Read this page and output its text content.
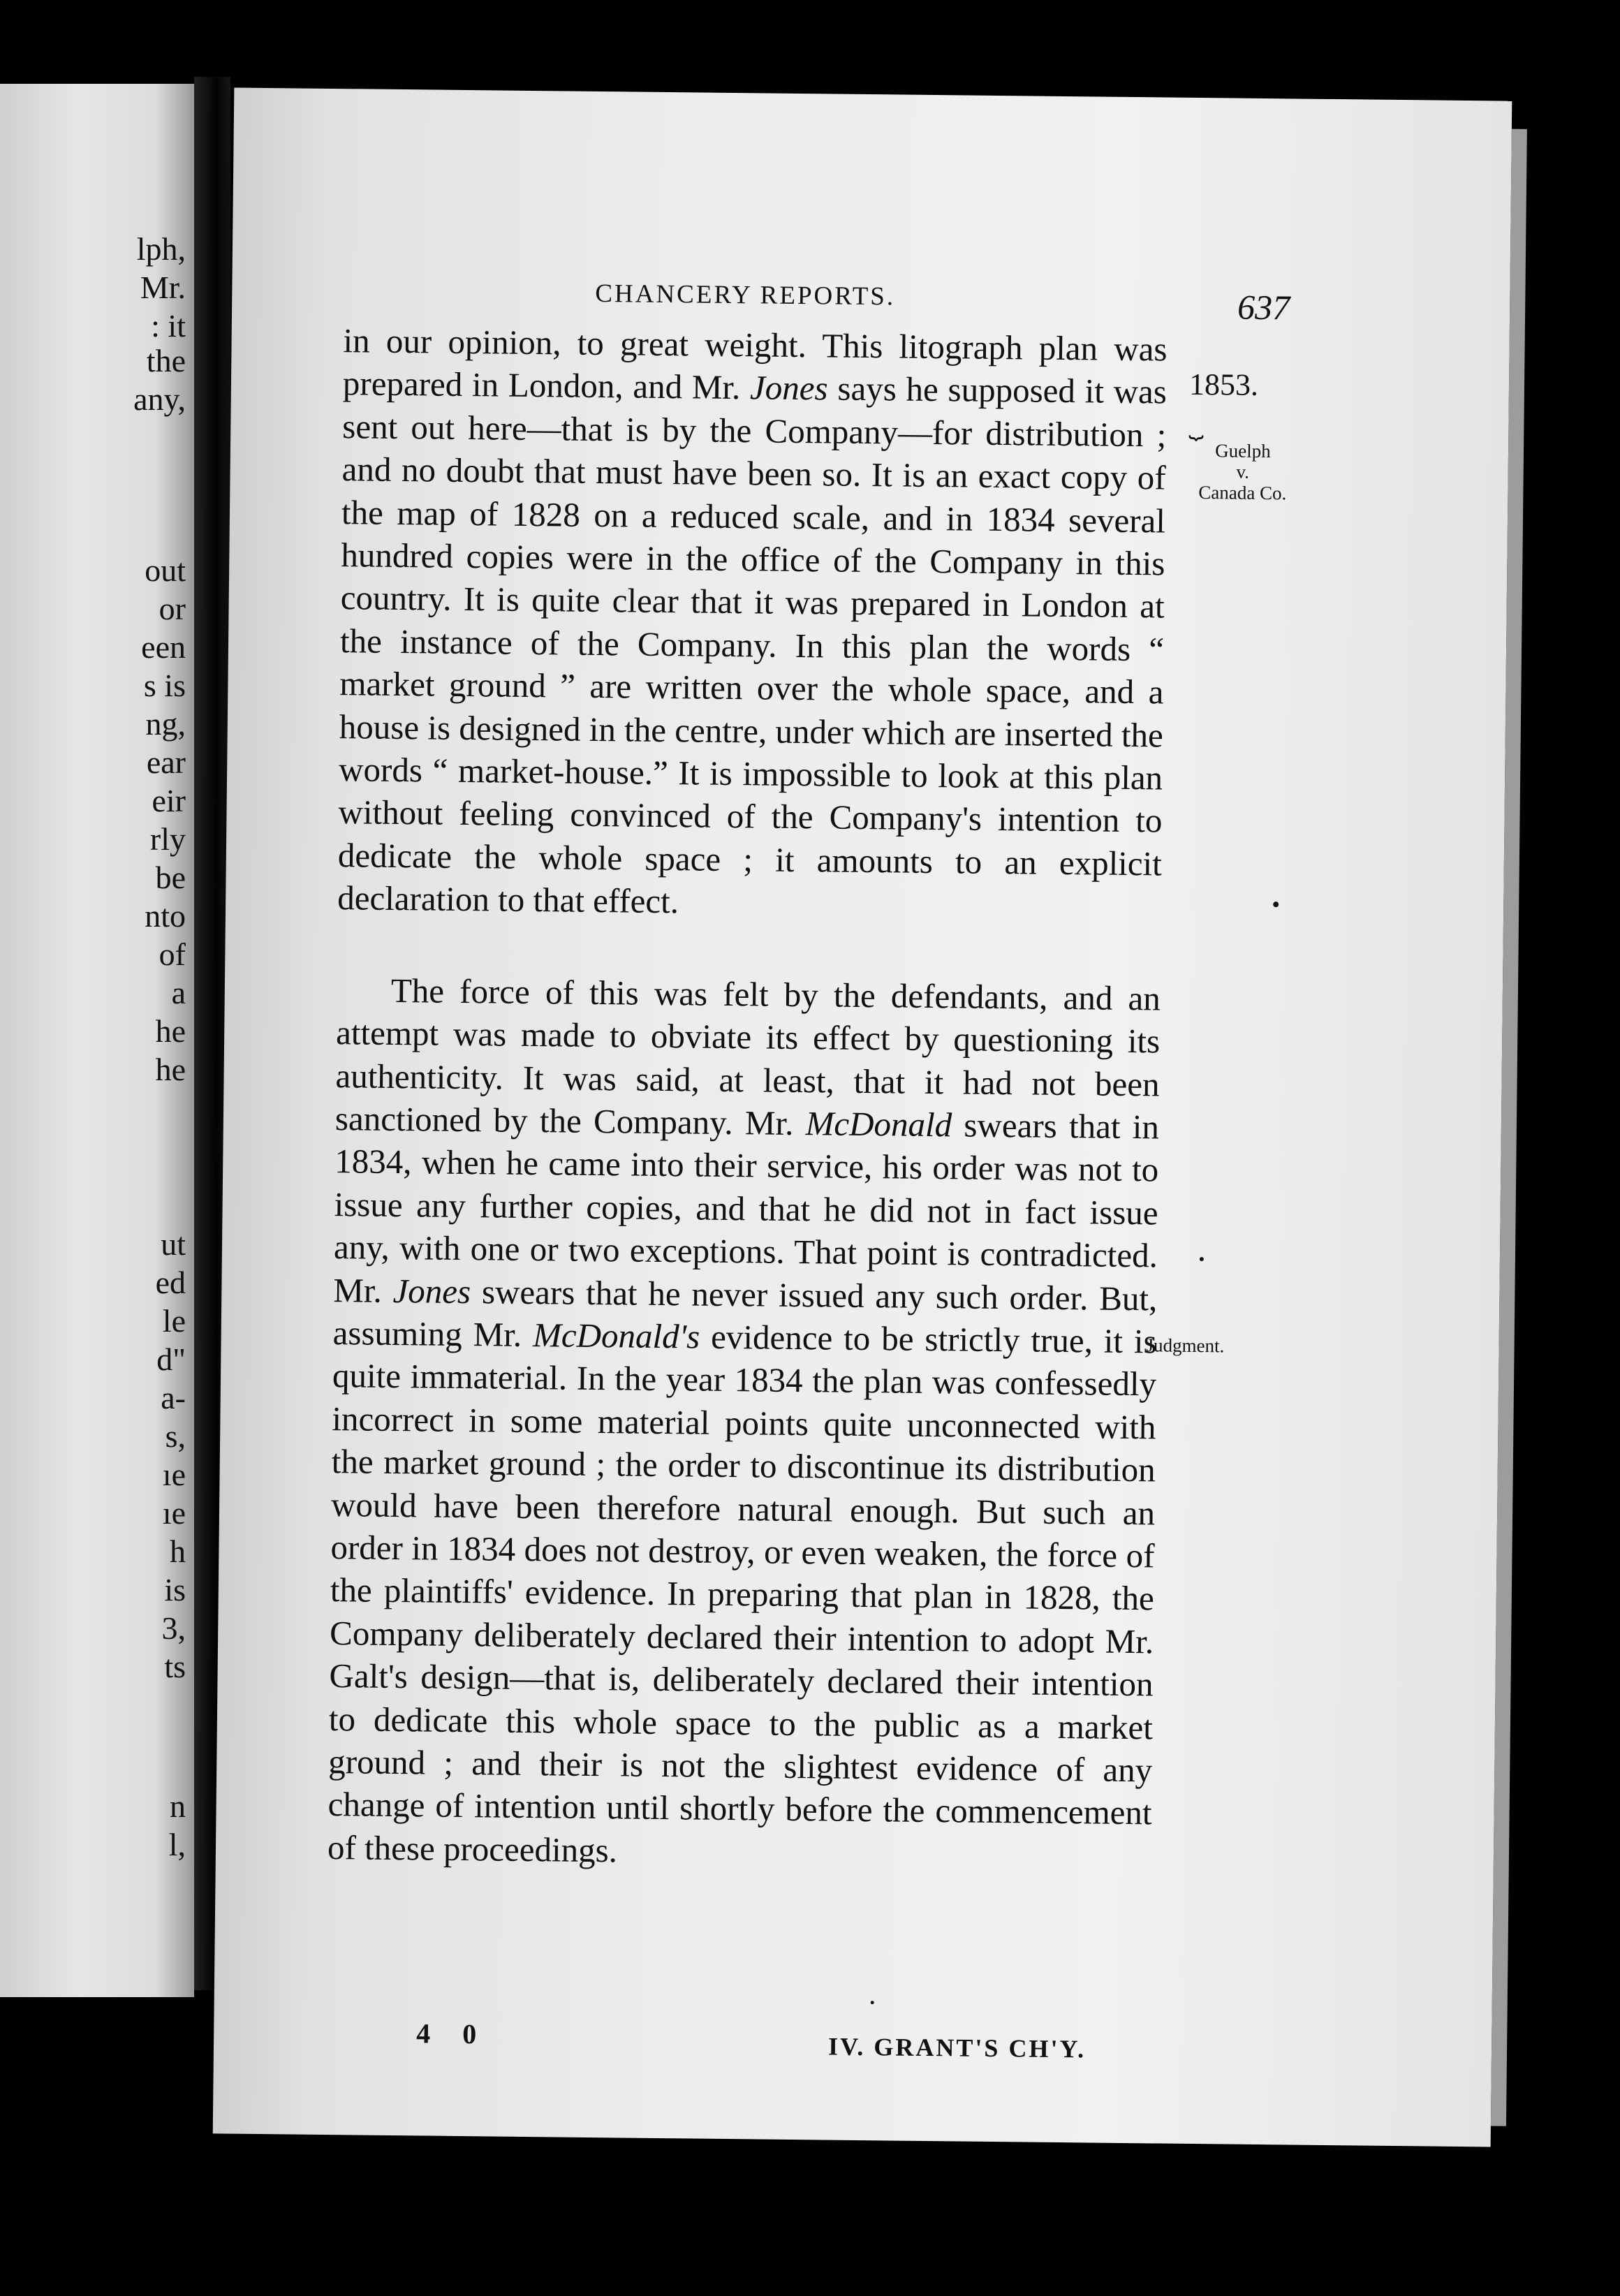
lph,
Mr.
: it
the
any,
out
or
een
s is
ng,
ear
eir
rly
be
nto
of
a
he
he
ut
ed
le
d"
a-
s,
ıe
ıe
h
is
3,
ts
n
l,
CHANCERY REPORTS.	637
1853.
⏟
Guelph
v.
Canada Co.
Judgment.

in our opinion, to great weight. This litograph plan was prepared in London, and Mr. Jones says he supposed it was sent out here—that is by the Company—for distribution ; and no doubt that must have been so. It is an exact copy of the map of 1828 on a reduced scale, and in 1834 several hundred copies were in the office of the Company in this country. It is quite clear that it was prepared in London at the instance of the Company. In this plan the words “ market ground ” are written over the whole space, and a house is designed in the centre, under which are inserted the words “ market-house.” It is impossible to look at this plan without feeling convinced of the Company's intention to dedicate the whole space ; it amounts to an explicit declaration to that effect.

The force of this was felt by the defendants, and an attempt was made to obviate its effect by questioning its authenticity. It was said, at least, that it had not been sanctioned by the Company. Mr. McDonald swears that in 1834, when he came into their service, his order was not to issue any further copies, and that he did not in fact issue any, with one or two exceptions. That point is contradicted. Mr. Jones swears that he never issued any such order. But, assuming Mr. McDonald's evidence to be strictly true, it is quite immaterial. In the year 1834 the plan was confessedly incorrect in some material points quite unconnected with the market ground ; the order to discontinue its distribution would have been therefore natural enough. But such an order in 1834 does not destroy, or even weaken, the force of the plaintiffs' evidence. In preparing that plan in 1828, the Company deliberately declared their intention to adopt Mr. Galt's design—that is, deliberately declared their intention to dedicate this whole space to the public as a market ground ; and their is not the slightest evidence of any change of intention until shortly before the commencement of these proceedings.

4 0	IV. GRANT'S CH'Y.
